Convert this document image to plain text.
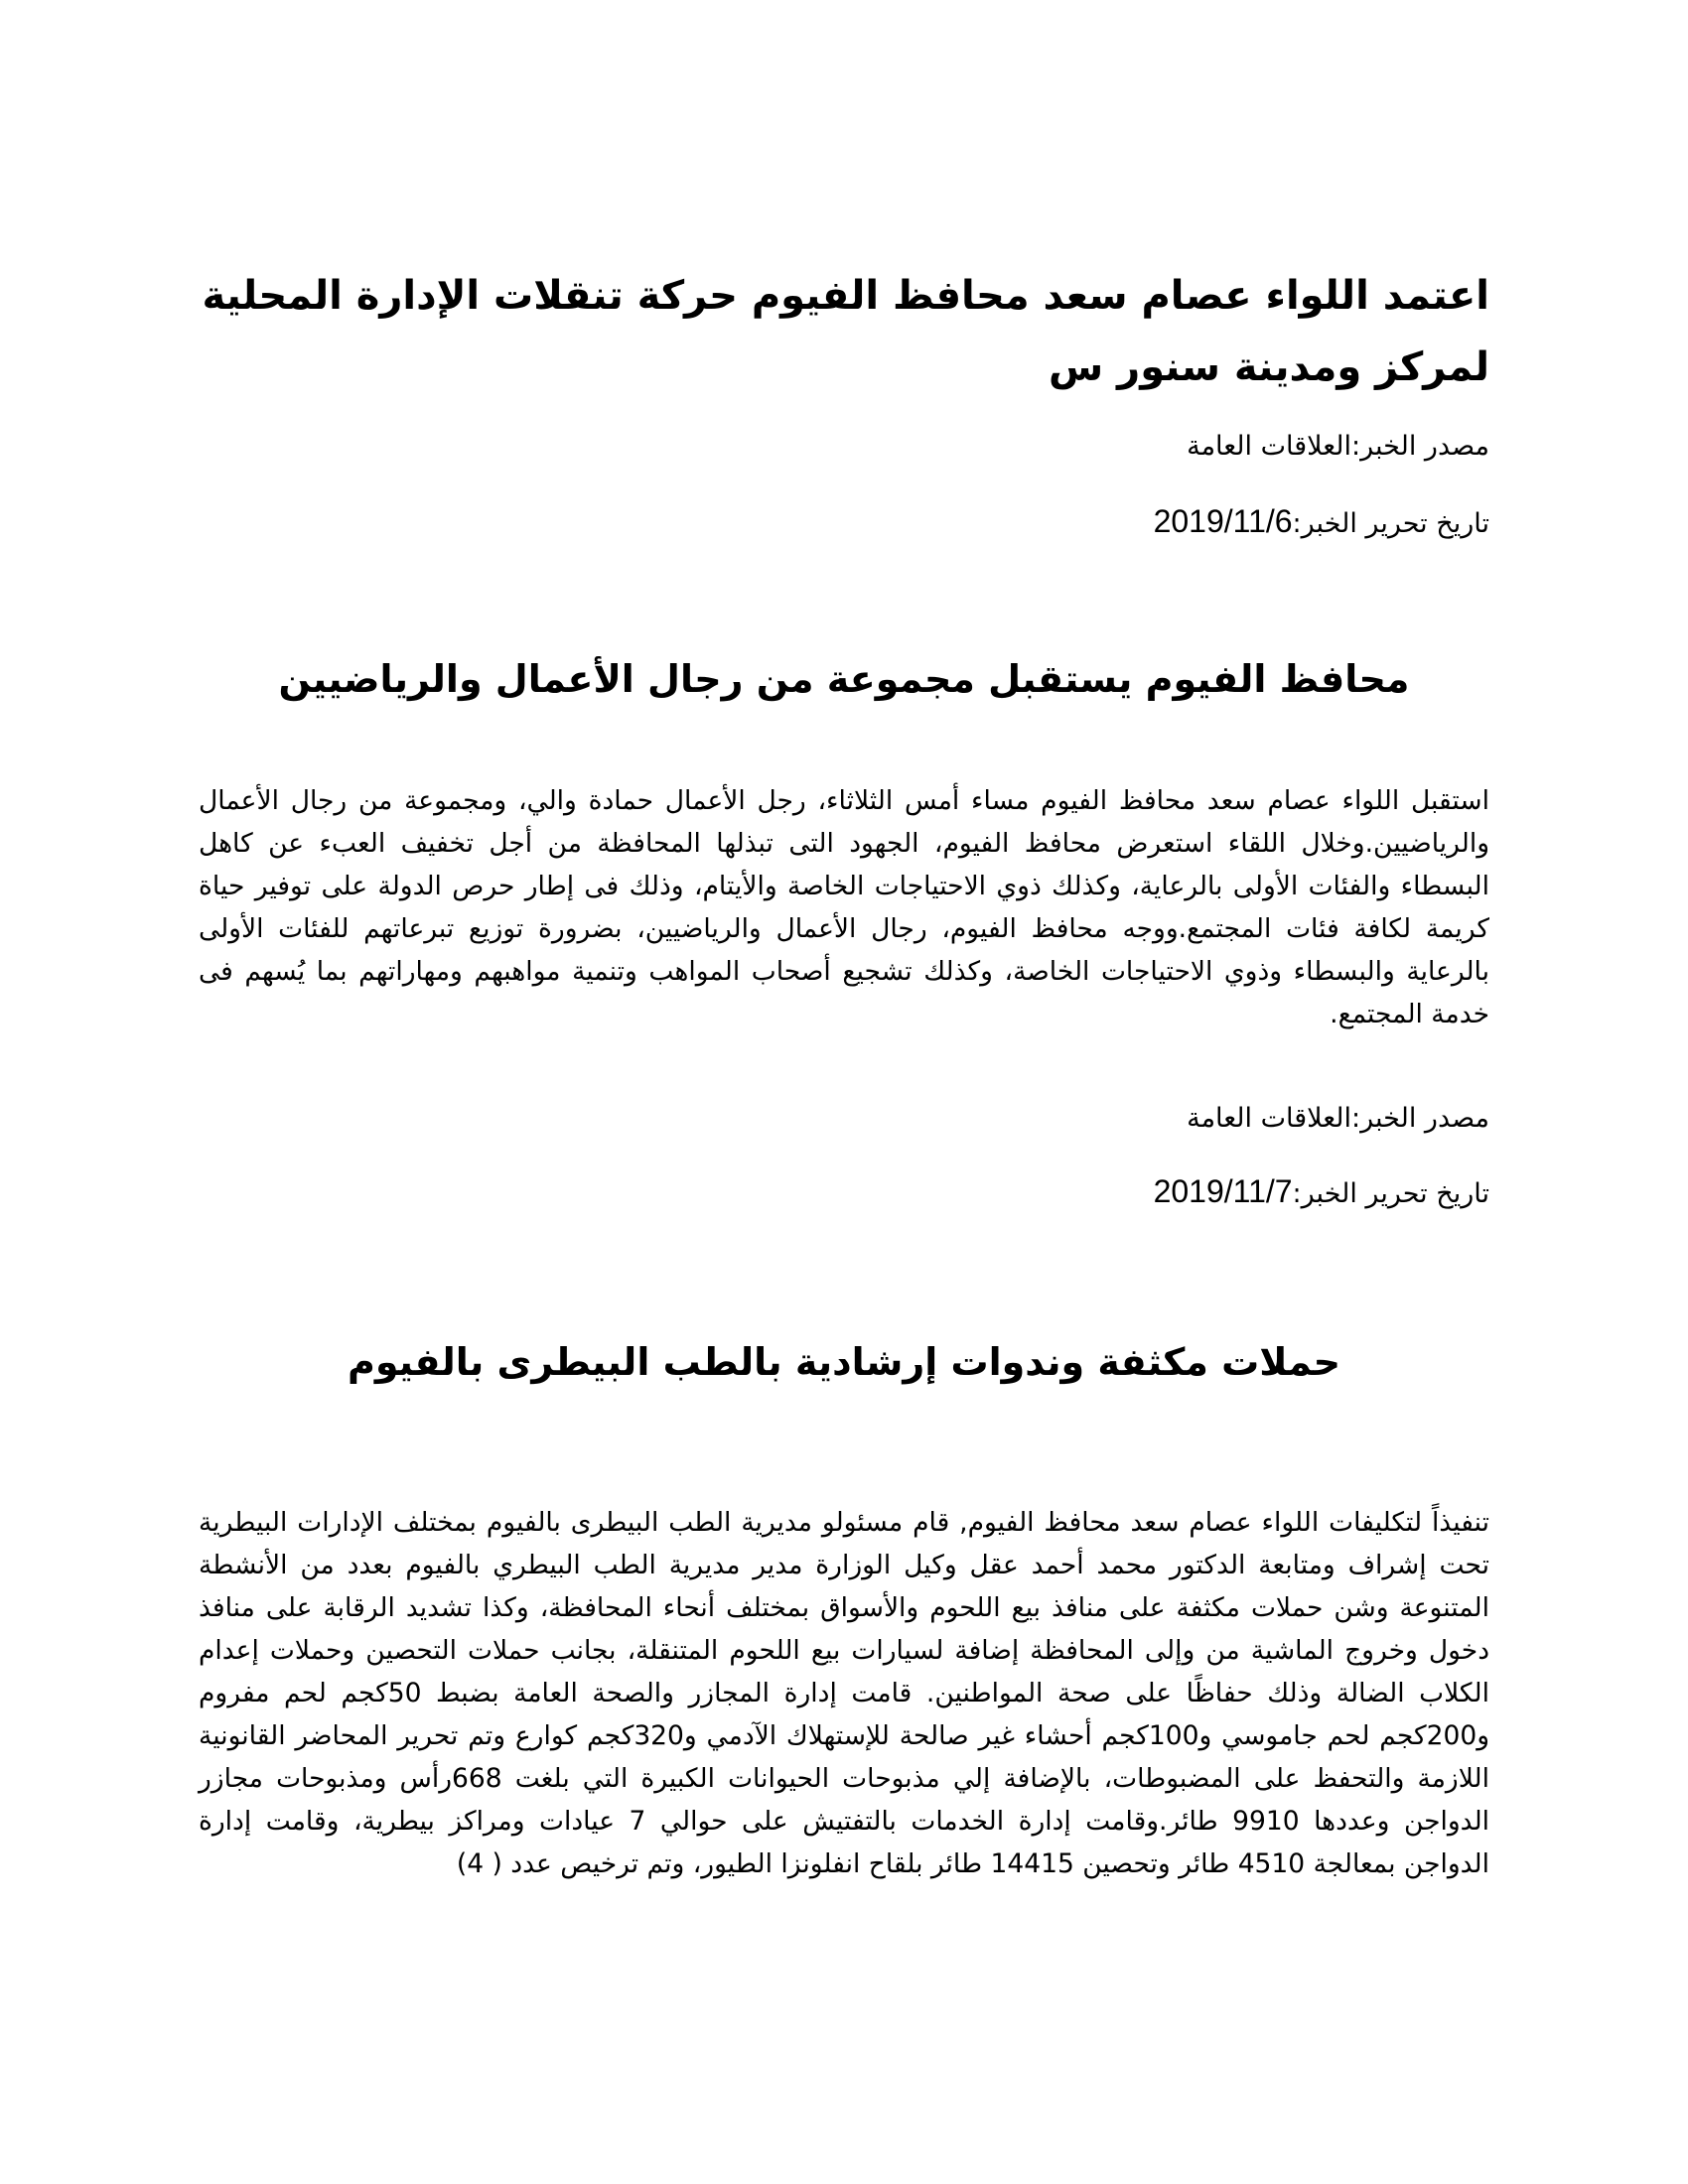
اعتمد اللواء عصام سعد محافظ الفيوم حركة تنقلات الإدارة المحلية لمركز ومدينة سنور س

مصدر الخبر:العلاقات العامة

تاريخ تحرير الخبر:2019/11/6

محافظ الفيوم يستقبل مجموعة من رجال الأعمال والرياضيين

استقبل اللواء عصام سعد محافظ الفيوم مساء أمس الثلاثاء، رجل الأعمال حمادة والي، ومجموعة من رجال الأعمال والرياضيين.وخلال اللقاء استعرض محافظ الفيوم، الجهود التى تبذلها المحافظة من أجل تخفيف العبء عن كاهل البسطاء والفئات الأولى بالرعاية، وكذلك ذوي الاحتياجات الخاصة والأيتام، وذلك فى إطار حرص الدولة على توفير حياة كريمة لكافة فئات المجتمع.ووجه محافظ الفيوم، رجال الأعمال والرياضيين، بضرورة توزيع تبرعاتهم للفئات الأولى بالرعاية والبسطاء وذوي الاحتياجات الخاصة، وكذلك تشجيع أصحاب المواهب وتنمية مواهبهم ومهاراتهم بما يُسهم فى خدمة المجتمع.

مصدر الخبر:العلاقات العامة

تاريخ تحرير الخبر:2019/11/7

حملات مكثفة وندوات إرشادية بالطب البيطرى بالفيوم

تنفيذاً لتكليفات اللواء عصام سعد محافظ الفيوم, قام مسئولو مديرية الطب البيطرى بالفيوم بمختلف الإدارات البيطرية تحت إشراف ومتابعة الدكتور محمد أحمد عقل وكيل الوزارة مدير مديرية الطب البيطري بالفيوم بعدد من الأنشطة المتنوعة وشن حملات مكثفة على منافذ بيع اللحوم والأسواق بمختلف أنحاء المحافظة، وكذا تشديد الرقابة على منافذ دخول وخروج الماشية من وإلى المحافظة إضافة لسيارات بيع اللحوم المتنقلة، بجانب حملات التحصين وحملات إعدام الكلاب الضالة وذلك حفاظًا على صحة المواطنين. قامت إدارة المجازر والصحة العامة بضبط 50كجم لحم مفروم و200كجم لحم جاموسي و100كجم أحشاء غير صالحة للإستهلاك الآدمي و320كجم كوارع وتم تحرير المحاضر القانونية اللازمة والتحفظ على المضبوطات، بالإضافة إلي مذبوحات الحيوانات الكبيرة التي بلغت 668رأس ومذبوحات مجازر الدواجن وعددها 9910 طائر.وقامت إدارة الخدمات بالتفتيش على حوالي 7 عيادات ومراكز بيطرية، وقامت إدارة الدواجن بمعالجة 4510 طائر وتحصين 14415 طائر بلقاح انفلونزا الطيور، وتم ترخيص عدد ( 4)
